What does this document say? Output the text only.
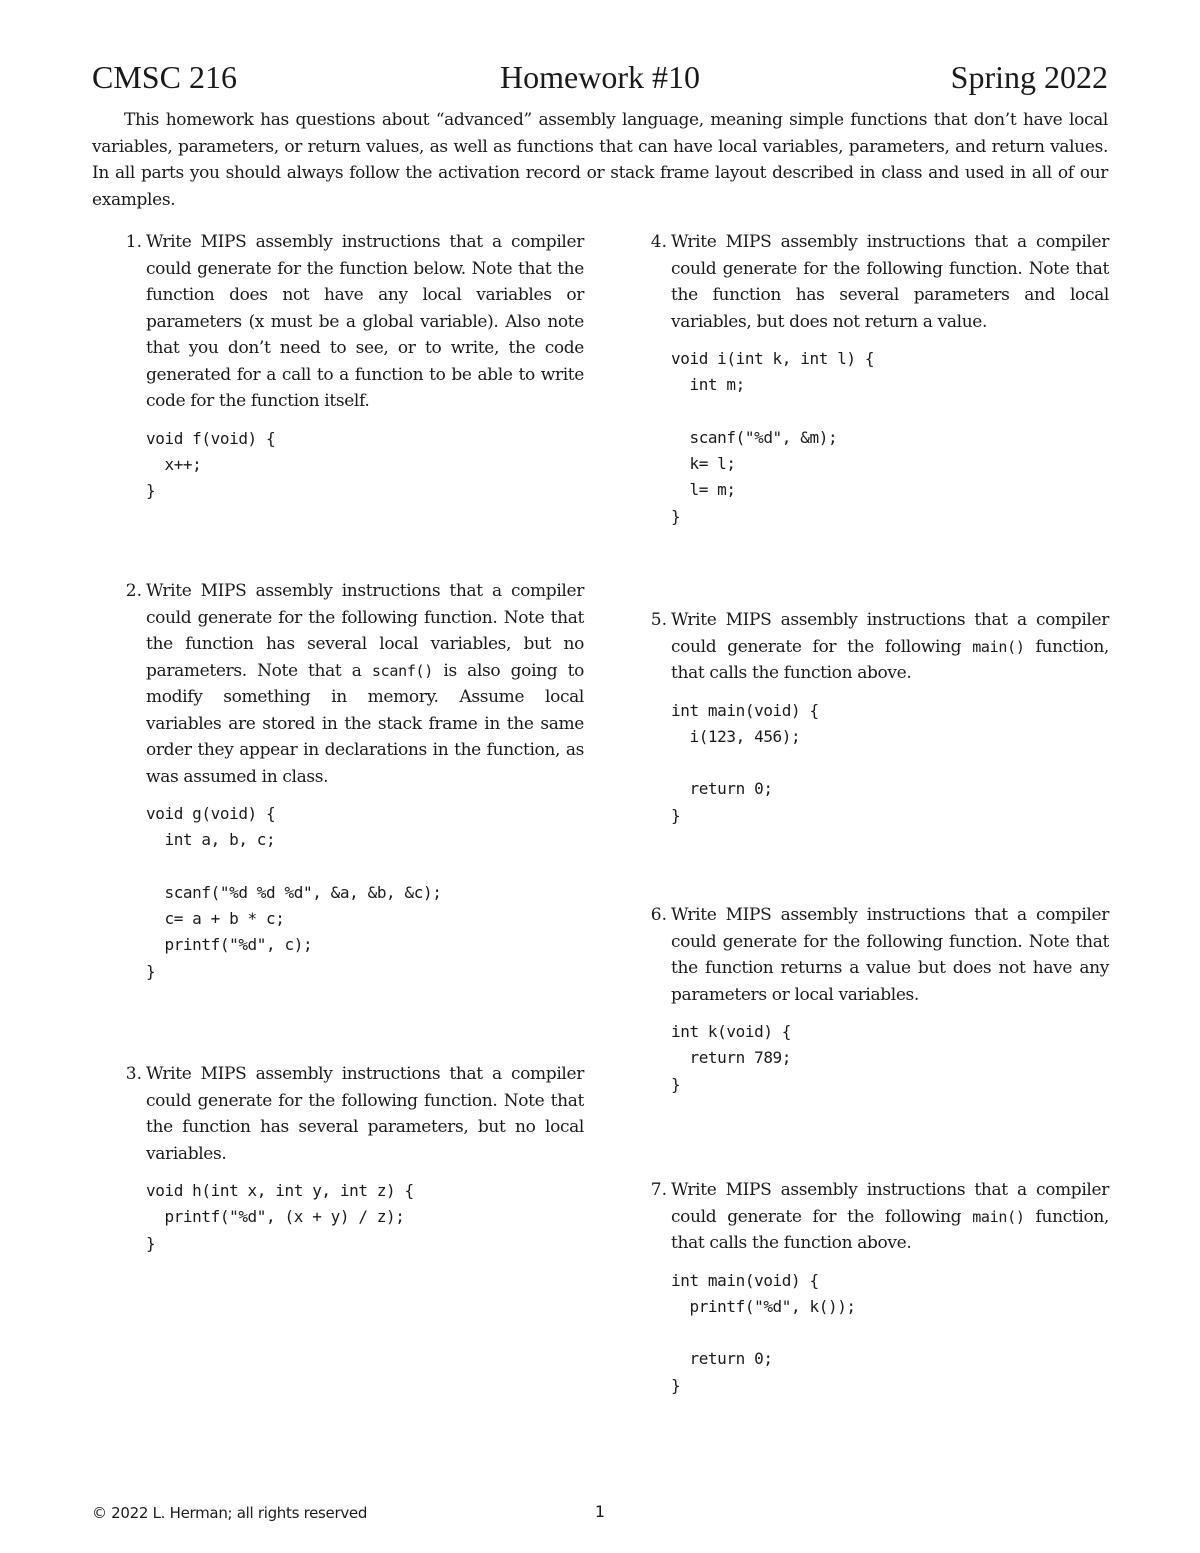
CMSC 216	Homework #10	Spring 2022
This homework has questions about “advanced” assembly language, meaning simple functions that don’t have local variables, parameters, or return values, as well as functions that can have local variables, parameters, and return values. In all parts you should always follow the activation record or stack frame layout described in class and used in all of our examples.
1. Write MIPS assembly instructions that a compiler could generate for the function below. Note that the function does not have any local variables or parameters (x must be a global variable). Also note that you don’t need to see, or to write, the code generated for a call to a function to be able to write code for the function itself.
void f(void) {
x++;
}
2. Write MIPS assembly instructions that a compiler could generate for the following function. Note that the function has several local variables, but no parameters. Note that a scanf() is also going to modify something in memory. Assume local variables are stored in the stack frame in the same order they appear in declarations in the function, as was assumed in class.
void g(void) {
int a, b, c;

scanf("%d %d %d", &a, &b, &c);
c= a + b * c;
printf("%d", c);
}
3. Write MIPS assembly instructions that a compiler could generate for the following function. Note that the function has several parameters, but no local variables.
void h(int x, int y, int z) {
printf("%d", (x + y) / z);
}
4. Write MIPS assembly instructions that a compiler could generate for the following function. Note that the function has several parameters and local variables, but does not return a value.
void i(int k, int l) {
int m;

scanf("%d", &m);
k= l;
l= m;
}
5. Write MIPS assembly instructions that a compiler could generate for the following main() function, that calls the function above.
int main(void) {
i(123, 456);

return 0;
}
6. Write MIPS assembly instructions that a compiler could generate for the following function. Note that the function returns a value but does not have any parameters or local variables.
int k(void) {
return 789;
}
7. Write MIPS assembly instructions that a compiler could generate for the following main() function, that calls the function above.
int main(void) {
printf("%d", k());

return 0;
}
© 2022 L. Herman; all rights reserved	1
